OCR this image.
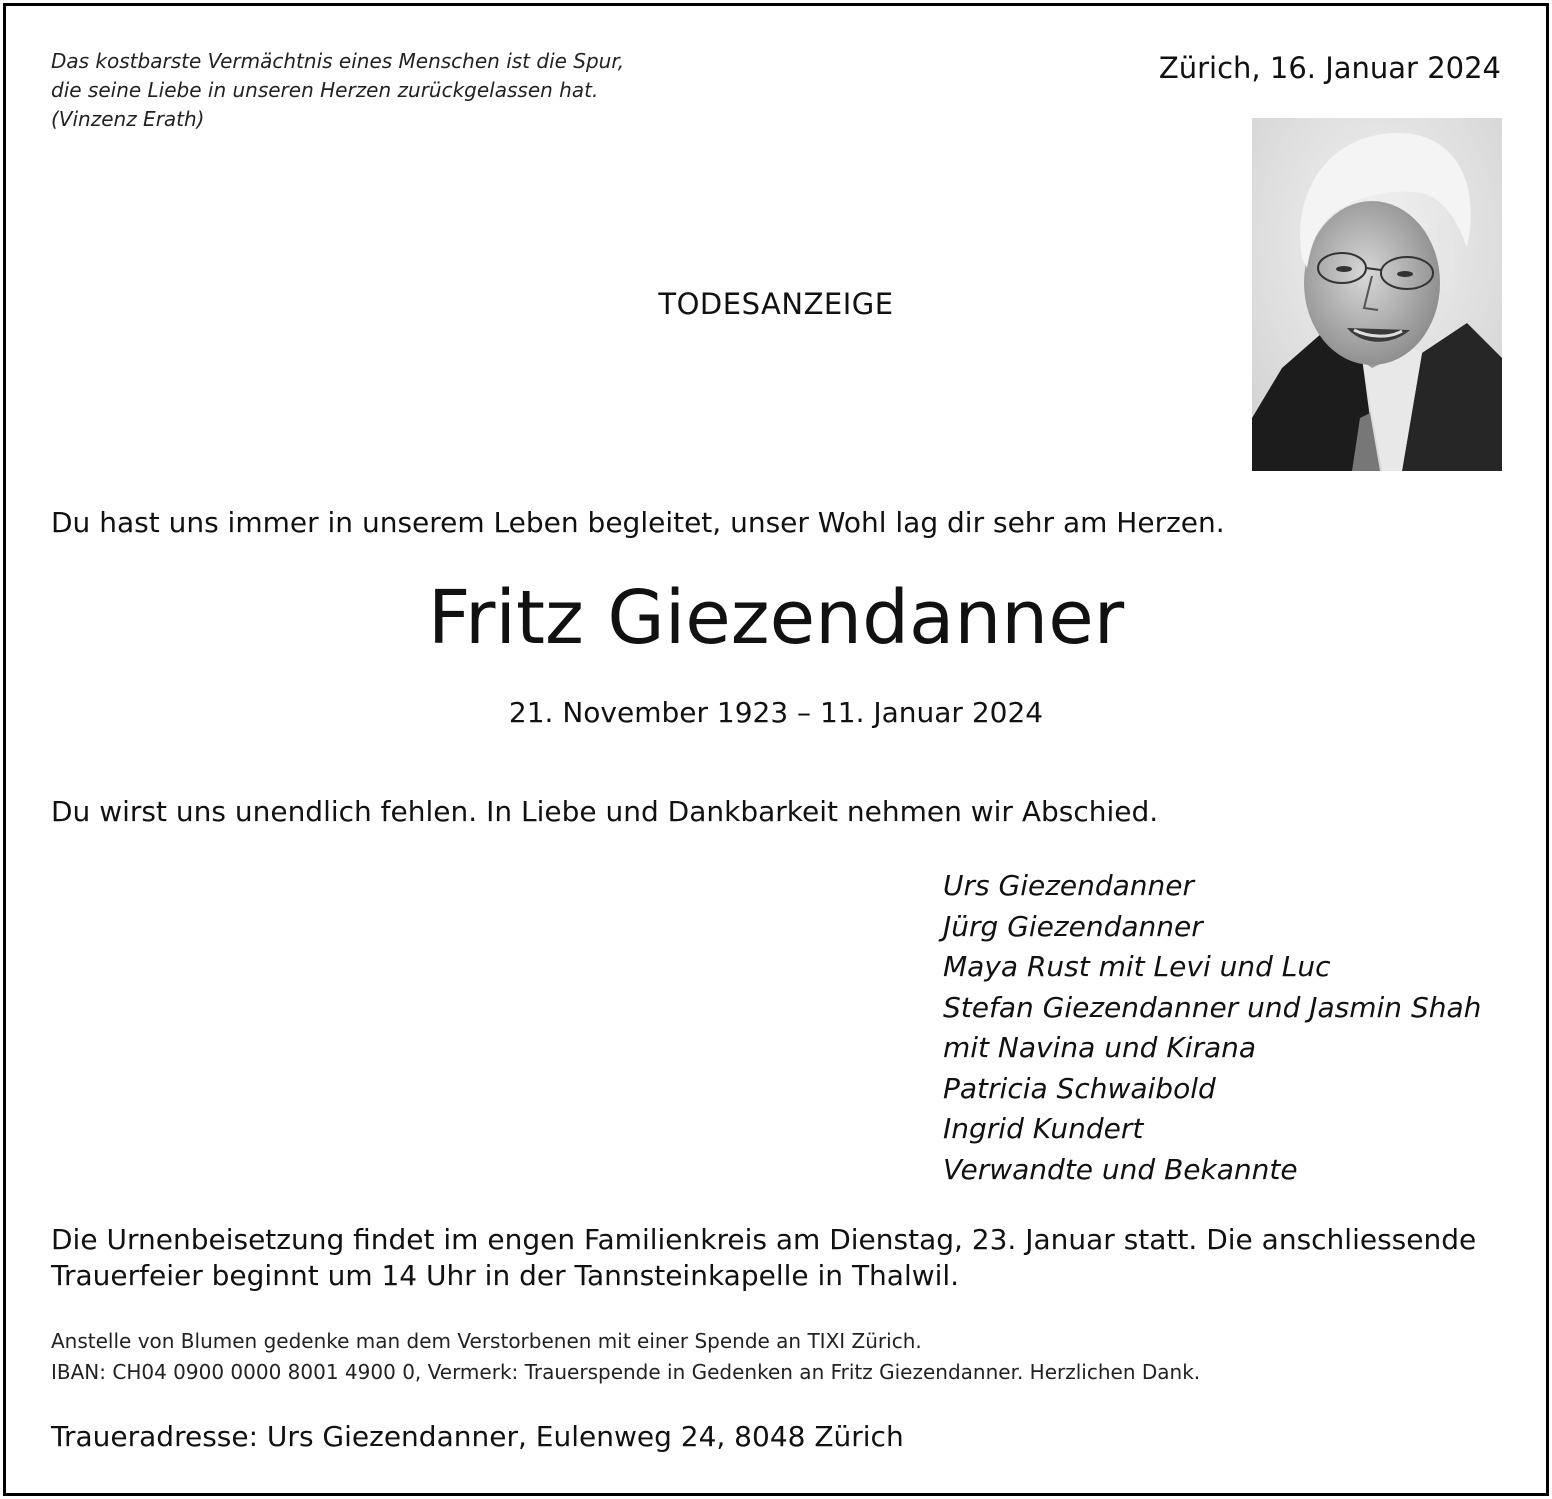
Das kostbarste Vermächtnis eines Menschen ist die Spur,
die seine Liebe in unseren Herzen zurückgelassen hat.
(Vinzenz Erath)
Zürich, 16. Januar 2024
TODESANZEIGE
Du hast uns immer in unserem Leben begleitet, unser Wohl lag dir sehr am Herzen.
Fritz Giezendanner
21. November 1923 – 11. Januar 2024
Du wirst uns unendlich fehlen. In Liebe und Dankbarkeit nehmen wir Abschied.
Urs Giezendanner
Jürg Giezendanner
Maya Rust mit Levi und Luc
Stefan Giezendanner und Jasmin Shah
mit Navina und Kirana
Patricia Schwaibold
Ingrid Kundert
Verwandte und Bekannte
Die Urnenbeisetzung findet im engen Familienkreis am Dienstag, 23. Januar statt. Die anschliessende
Trauerfeier beginnt um 14 Uhr in der Tannsteinkapelle in Thalwil.
Anstelle von Blumen gedenke man dem Verstorbenen mit einer Spende an TIXI Zürich.
IBAN: CH04 0900 0000 8001 4900 0, Vermerk: Trauerspende in Gedenken an Fritz Giezendanner. Herzlichen Dank.
Traueradresse: Urs Giezendanner, Eulenweg 24, 8048 Zürich
